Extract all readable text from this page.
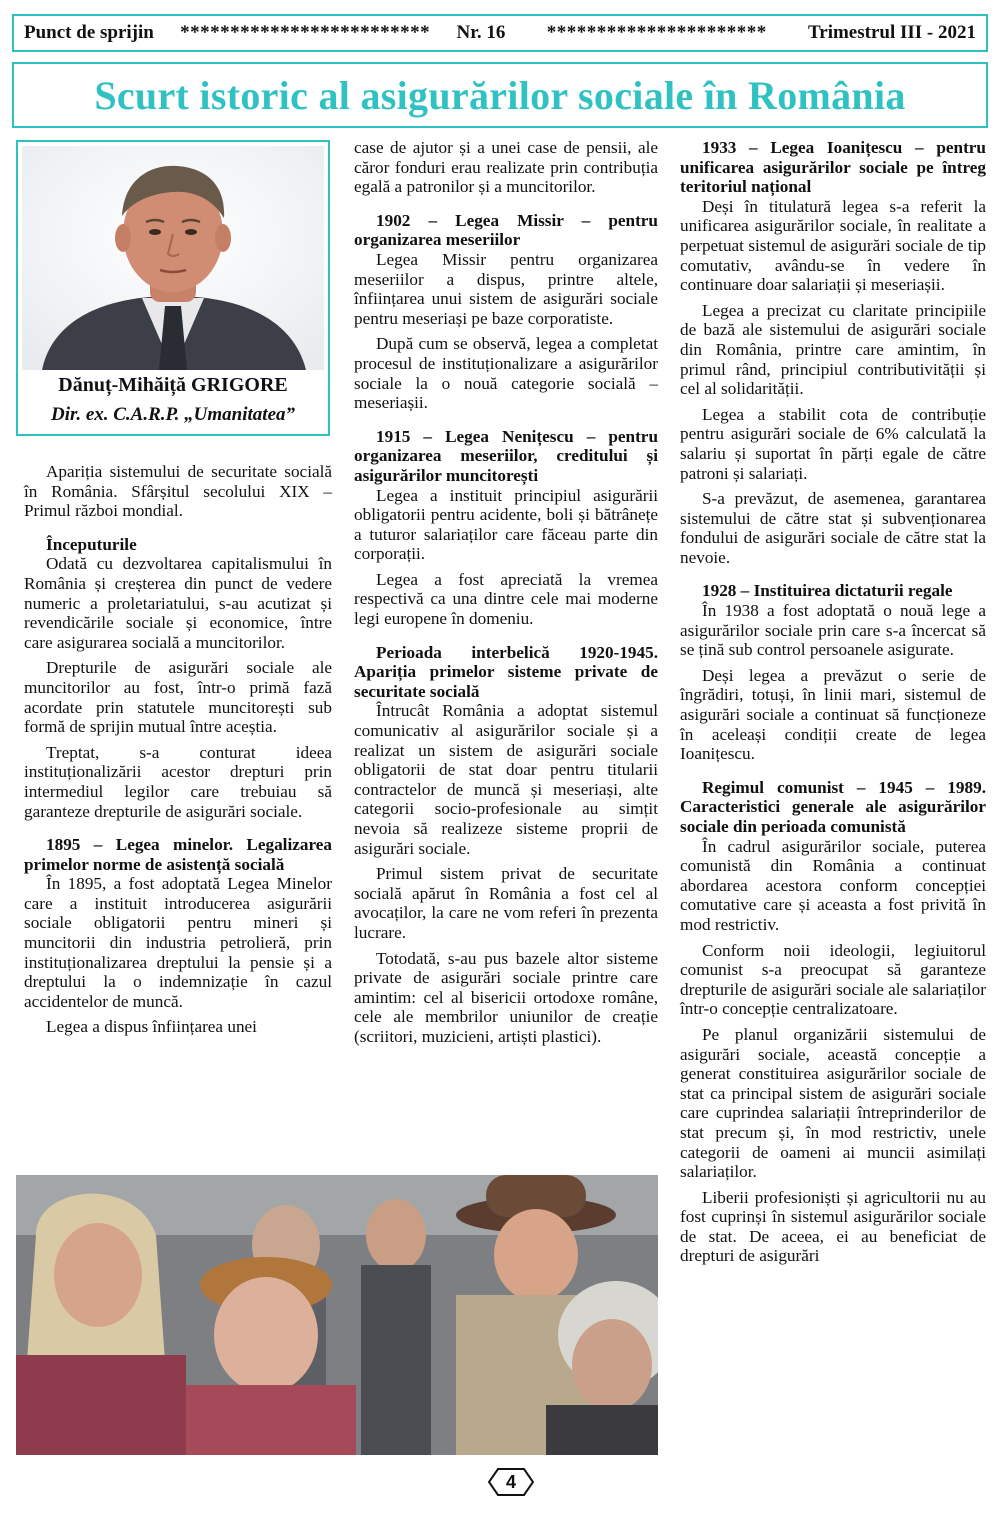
Punct de sprijin	*************************	Nr. 16	**********************	Trimestrul III - 2021
Scurt istoric al asigurărilor sociale în România
Dănuț-Mihăiță GRIGORE
Dir. ex. C.A.R.P. „Umanitatea”

Apariția sistemului de securitate socială în România. Sfârșitul secolului XIX – Primul război mondial.

Începuturile

Odată cu dezvoltarea capitalismului în România și creșterea din punct de vedere numeric a proletariatului, s-au acutizat și revendicările sociale și economice, între care asigurarea socială a muncitorilor.

Drepturile de asigurări sociale ale muncitorilor au fost, într-o primă fază acordate prin statutele muncitorești sub formă de sprijin mutual între aceștia.

Treptat, s-a conturat ideea instituționalizării acestor drepturi prin intermediul legilor care trebuiau să garanteze drepturile de asigurări sociale.

1895 – Legea minelor. Legalizarea primelor norme de asistență socială

În 1895, a fost adoptată Legea Minelor care a instituit introducerea asigurării sociale obligatorii pentru mineri și muncitorii din industria petrolieră, prin instituționalizarea dreptului la pensie și a dreptului la o indemnizație în cazul accidentelor de muncă.

Legea a dispus înființarea unei

case de ajutor și a unei case de pensii, ale căror fonduri erau realizate prin contribuția egală a patronilor și a muncitorilor.

1902 – Legea Missir – pentru organizarea meseriilor

Legea Missir pentru organizarea meseriilor a dispus, printre altele, înființarea unui sistem de asigurări sociale pentru meseriași pe baze corporatiste.

După cum se observă, legea a completat procesul de instituționalizare a asigurărilor sociale la o nouă categorie socială – meseriașii.

1915 – Legea Nenițescu – pentru organizarea meseriilor, creditului și asigurărilor muncitorești

Legea a instituit principiul asigurării obligatorii pentru acidente, boli și bătrânețe a tuturor salariaților care făceau parte din corporații.

Legea a fost apreciată la vremea respectivă ca una dintre cele mai moderne legi europene în domeniu.

Perioada interbelică 1920-1945. Apariția primelor sisteme private de securitate socială

Întrucât România a adoptat sistemul comunicativ al asigurărilor sociale și a realizat un sistem de asigurări sociale obligatorii de stat doar pentru titularii contractelor de muncă și meseriași, alte categorii socio-profesionale au simțit nevoia să realizeze sisteme proprii de asigurări sociale.

Primul sistem privat de securitate socială apărut în România a fost cel al avocaților, la care ne vom referi în prezenta lucrare.

Totodată, s-au pus bazele altor sisteme private de asigurări sociale printre care amintim: cel al bisericii ortodoxe române, cele ale membrilor uniunilor de creație (scriitori, muzicieni, artiști plastici).

1933 – Legea Ioanițescu – pentru unificarea asigurărilor sociale pe întreg teritoriul național

Deși în titulatură legea s-a referit la unificarea asigurărilor sociale, în realitate a perpetuat sistemul de asigurări sociale de tip comutativ, avându-se în vedere în continuare doar salariații și meseriașii.

Legea a precizat cu claritate principiile de bază ale sistemului de asigurări sociale din România, printre care amintim, în primul rând, principiul contributivității și cel al solidarității.

Legea a stabilit cota de contribuție pentru asigurări sociale de 6% calculată la salariu și suportat în părți egale de către patroni și salariați.

S-a prevăzut, de asemenea, garantarea sistemului de către stat și subvenționarea fondului de asigurări sociale de către stat la nevoie.

1928 – Instituirea dictaturii regale

În 1938 a fost adoptată o nouă lege a asigurărilor sociale prin care s-a încercat să se țină sub control persoanele asigurate.

Deși legea a prevăzut o serie de îngrădiri, totuși, în linii mari, sistemul de asigurări sociale a continuat să funcționeze în aceleași condiții create de legea Ioanițescu.

Regimul comunist – 1945 – 1989. Caracteristici generale ale asigurărilor sociale din perioada comunistă

În cadrul asigurărilor sociale, puterea comunistă din România a continuat abordarea acestora conform concepției comutative care și aceasta a fost privită în mod restrictiv.

Conform noii ideologii, legiuitorul comunist s-a preocupat să garanteze drepturile de asigurări sociale ale salariaților într-o concepție centralizatoare.

Pe planul organizării sistemului de asigurări sociale, această concepție a generat constituirea asigurărilor sociale de stat ca principal sistem de asigurări sociale care cuprindea salariații întreprinderilor de stat precum și, în mod restrictiv, unele categorii de oameni ai muncii asimilați salariaților.

Liberii profesioniști și agricultorii nu au fost cuprinși în sistemul asigurărilor sociale de stat. De aceea, ei au beneficiat de drepturi de asigurări

4
